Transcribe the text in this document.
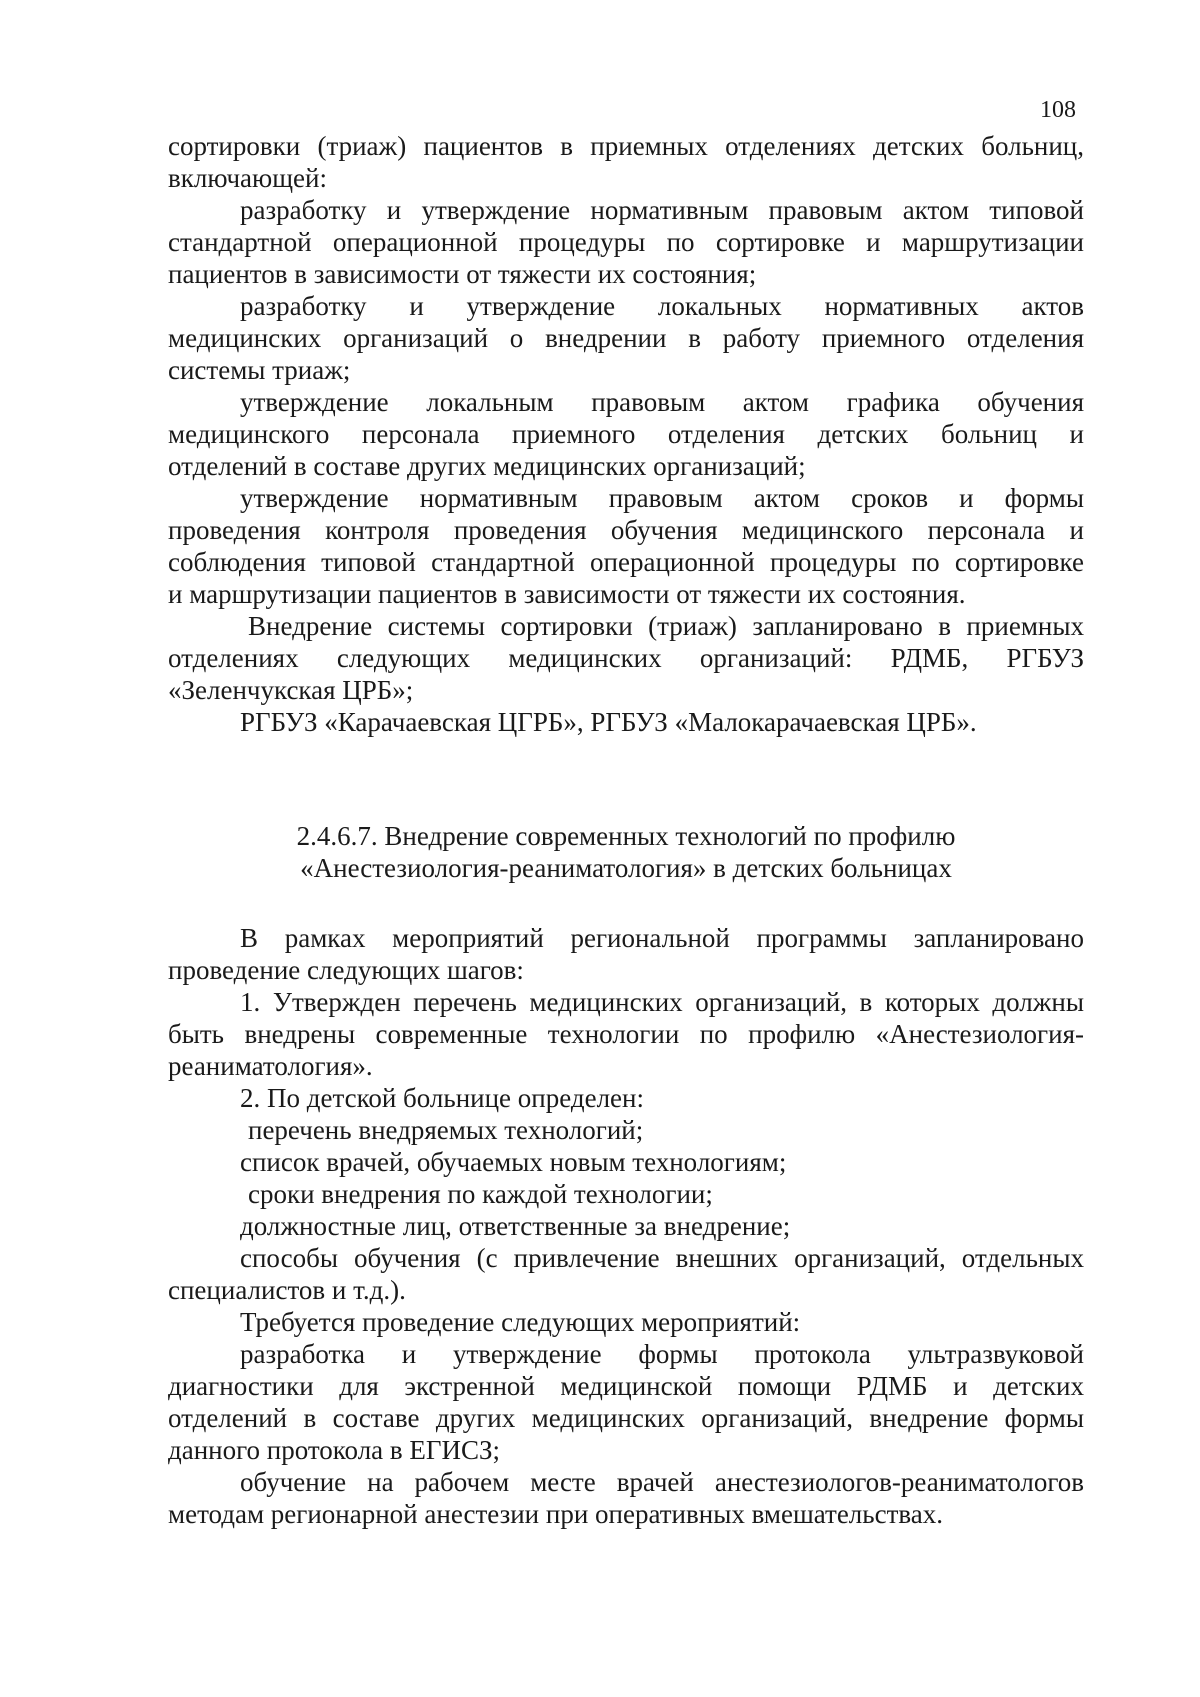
108
сортировки (триаж) пациентов в приемных отделениях детских больниц,
включающей:
разработку и утверждение нормативным правовым актом типовой
стандартной операционной процедуры по сортировке и маршрутизации
пациентов в зависимости от тяжести их состояния;
разработку и утверждение локальных нормативных актов
медицинских организаций о внедрении в работу приемного отделения
системы триаж;
утверждение локальным правовым актом графика обучения
медицинского персонала приемного отделения детских больниц и
отделений в составе других медицинских организаций;
утверждение нормативным правовым актом сроков и формы
проведения контроля проведения обучения медицинского персонала и
соблюдения типовой стандартной операционной процедуры по сортировке
и маршрутизации пациентов в зависимости от тяжести их состояния.
Внедрение системы сортировки (триаж) запланировано в приемных
отделениях следующих медицинских организаций: РДМБ, РГБУЗ
«Зеленчукская ЦРБ»;
РГБУЗ «Карачаевская ЦГРБ», РГБУЗ «Малокарачаевская ЦРБ».
2.4.6.7. Внедрение современных технологий по профилю
«Анестезиология-реаниматология» в детских больницах
В рамках мероприятий региональной программы запланировано
проведение следующих шагов:
1. Утвержден перечень медицинских организаций, в которых должны
быть внедрены современные технологии по профилю «Анестезиология-
реаниматология».
2. По детской больнице определен:
перечень внедряемых технологий;
список врачей, обучаемых новым технологиям;
сроки внедрения по каждой технологии;
должностные лиц, ответственные за внедрение;
способы обучения (с привлечение внешних организаций, отдельных
специалистов и т.д.).
Требуется проведение следующих мероприятий:
разработка и утверждение формы протокола ультразвуковой
диагностики для экстренной медицинской помощи РДМБ и детских
отделений в составе других медицинских организаций, внедрение формы
данного протокола в ЕГИСЗ;
обучение на рабочем месте врачей анестезиологов-реаниматологов
методам регионарной анестезии при оперативных вмешательствах.
